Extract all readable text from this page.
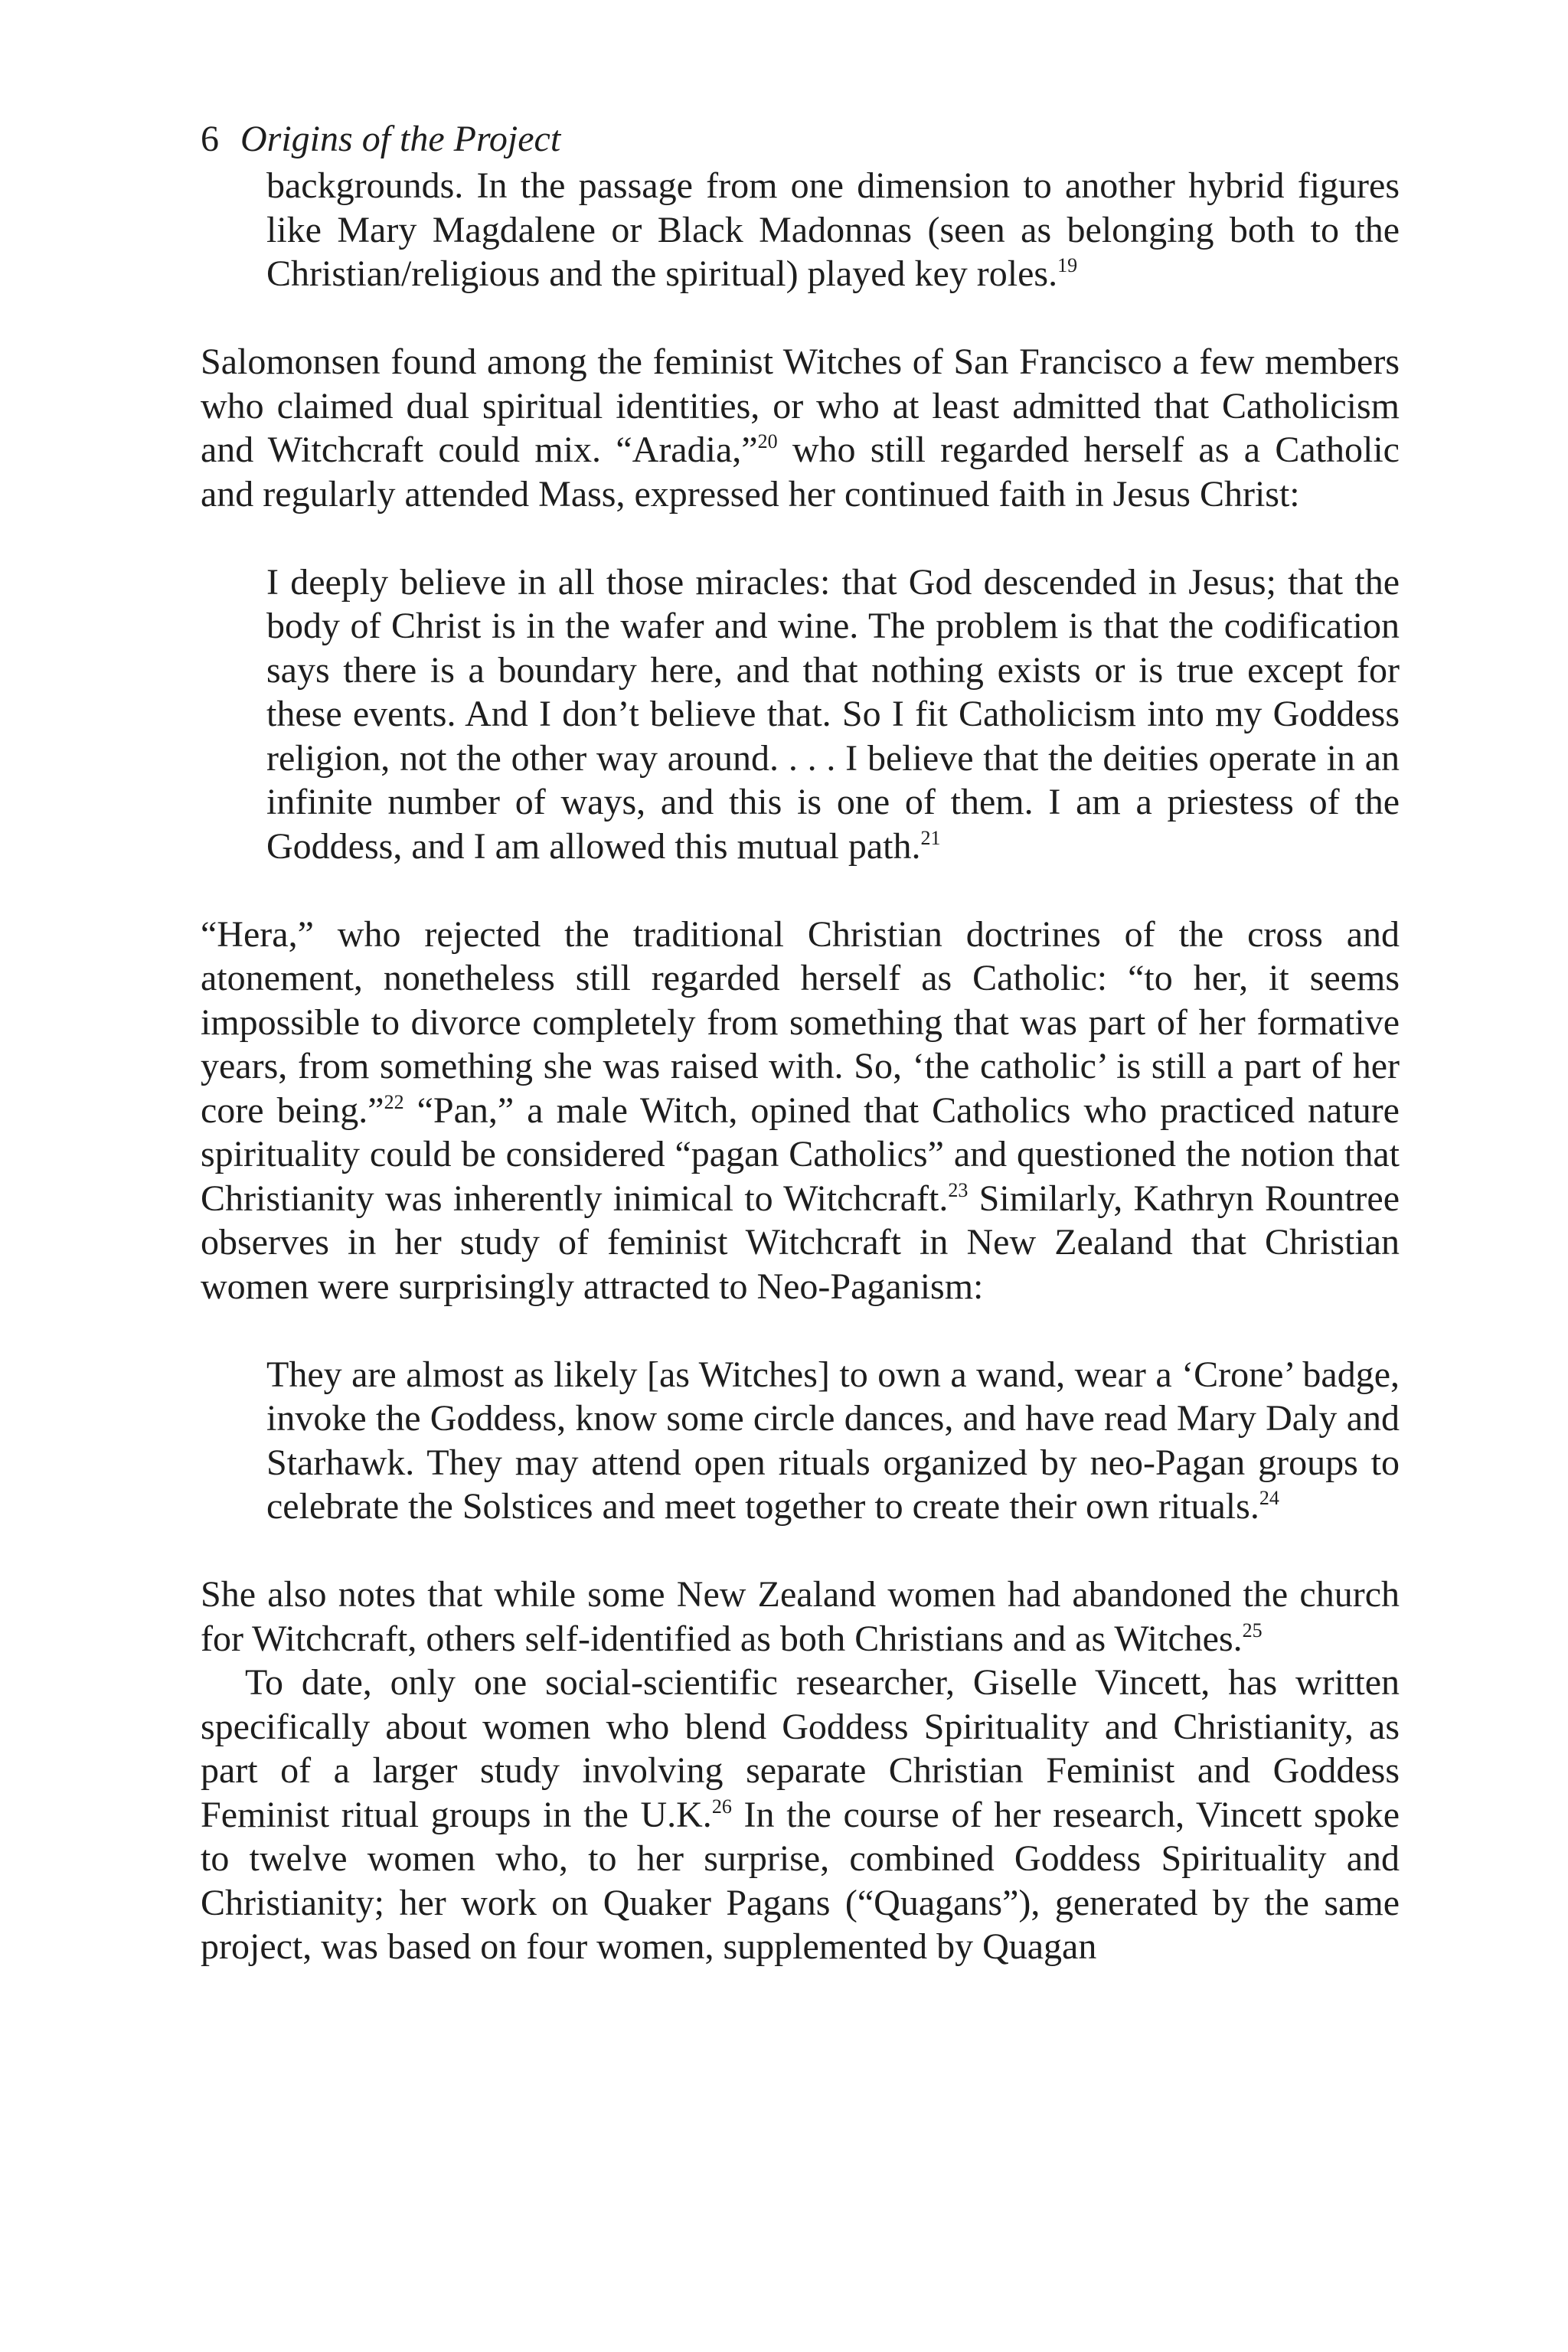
6 Origins of the Project

backgrounds. In the passage from one dimension to another hybrid figures like Mary Magdalene or Black Madonnas (seen as belonging both to the Christian/religious and the spiritual) played key roles.$^{19}$

Salomonsen found among the feminist Witches of San Francisco a few members who claimed dual spiritual identities, or who at least admitted that Catholicism and Witchcraft could mix. “Aradia,”$^{20}$ who still regarded herself as a Catholic and regularly attended Mass, expressed her continued faith in Jesus Christ:

I deeply believe in all those miracles: that God descended in Jesus; that the body of Christ is in the wafer and wine. The problem is that the codification says there is a boundary here, and that nothing exists or is true except for these events. And I don’t believe that. So I fit Catholicism into my Goddess religion, not the other way around. . . . I believe that the deities operate in an infinite number of ways, and this is one of them. I am a priestess of the Goddess, and I am allowed this mutual path.$^{21}$

“Hera,” who rejected the traditional Christian doctrines of the cross and atonement, nonetheless still regarded herself as Catholic: “to her, it seems impossible to divorce completely from something that was part of her formative years, from something she was raised with. So, ‘the catholic’ is still a part of her core being.”$^{22}$ “Pan,” a male Witch, opined that Catholics who practiced nature spirituality could be considered “pagan Catholics” and questioned the notion that Christianity was inherently inimical to Witchcraft.$^{23}$ Similarly, Kathryn Rountree observes in her study of feminist Witchcraft in New Zealand that Christian women were surprisingly attracted to Neo-Paganism:

They are almost as likely [as Witches] to own a wand, wear a ‘Crone’ badge, invoke the Goddess, know some circle dances, and have read Mary Daly and Starhawk. They may attend open rituals organized by neo-Pagan groups to celebrate the Solstices and meet together to create their own rituals.$^{24}$

She also notes that while some New Zealand women had abandoned the church for Witchcraft, others self-identified as both Christians and as Witches.$^{25}$

To date, only one social-scientific researcher, Giselle Vincett, has written specifically about women who blend Goddess Spirituality and Christianity, as part of a larger study involving separate Christian Feminist and Goddess Feminist ritual groups in the U.K.$^{26}$ In the course of her research, Vincett spoke to twelve women who, to her surprise, combined Goddess Spirituality and Christianity; her work on Quaker Pagans (“Quagans”), generated by the same project, was based on four women, supplemented by Quagan
